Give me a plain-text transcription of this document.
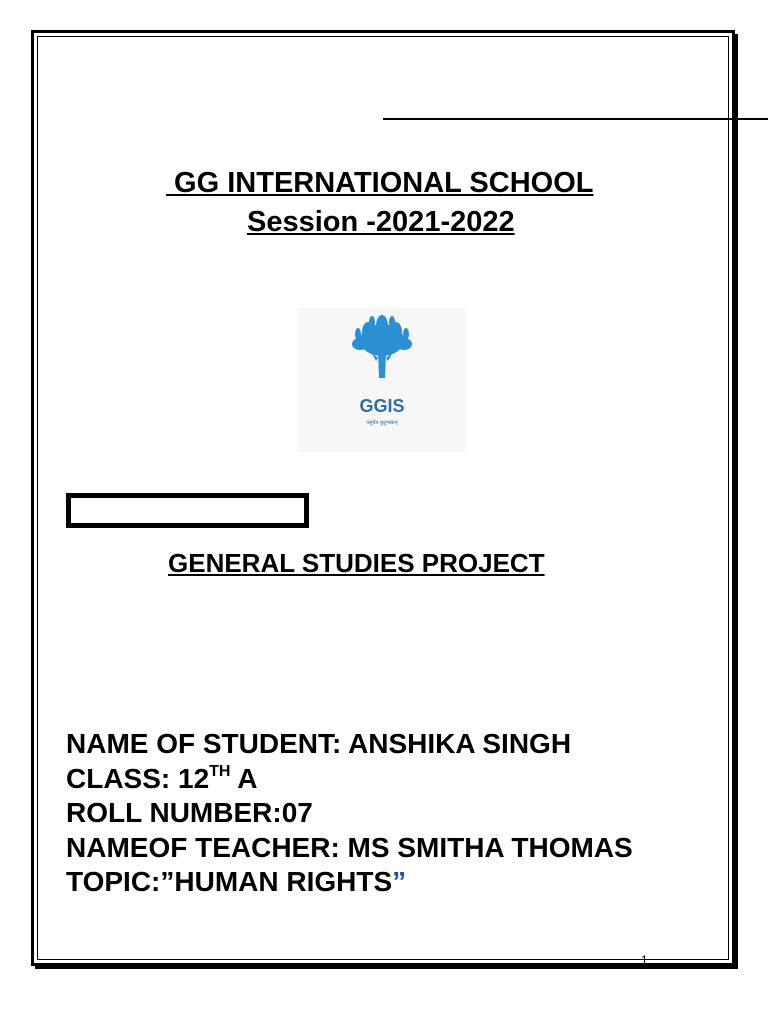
GG INTERNATIONAL SCHOOL
Session -2021-2022
GGIS
वसुधैव कुटुम्बकम्
GENERAL STUDIES PROJECT
NAME OF STUDENT: ANSHIKA SINGH
CLASS: 12TH A
ROLL NUMBER:07
NAMEOF TEACHER: MS SMITHA THOMAS
TOPIC:”HUMAN RIGHTS”
1
